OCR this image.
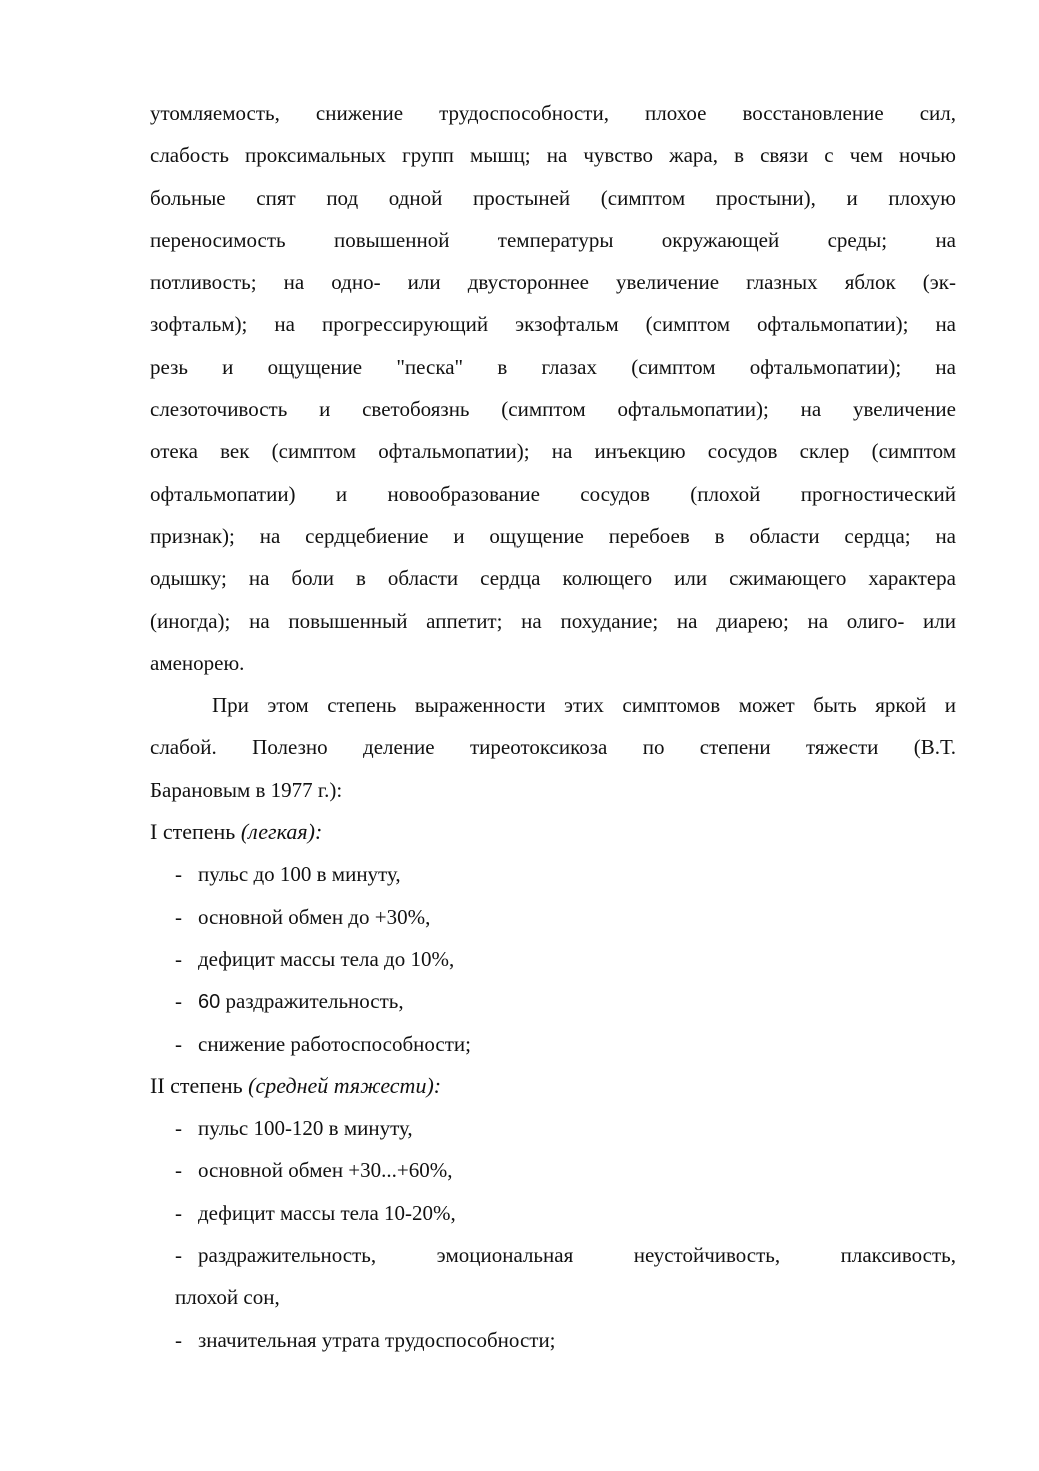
утомляемость, снижение трудоспособности, плохое восстановление сил,
слабость проксимальных групп мышц; на чувство жара, в связи с чем ночью
больные спят под одной простыней (симптом простыни), и плохую
переносимость повышенной температуры окружающей среды; на
потливость; на одно- или двустороннее увеличение глазных яблок (эк-
зофтальм); на прогрессирующий экзофтальм (симптом офтальмопатии); на
резь и ощущение "песка" в глазах (симптом офтальмопатии); на
слезоточивость и светобоязнь (симптом офтальмопатии); на увеличение
отека век (симптом офтальмопатии); на инъекцию сосудов склер (симптом
офтальмопатии) и новообразование сосудов (плохой прогностический
признак); на сердцебиение и ощущение перебоев в области сердца; на
одышку; на боли в области сердца колющего или сжимающего характера
(иногда); на повышенный аппетит; на похудание; на диарею; на олиго- или
аменорею.
При этом степень выраженности этих симптомов может быть яркой и
слабой. Полезно деление тиреотоксикоза по степени тяжести (В.Т.
Барановым в 1977 г.):
I степень (легкая):
- пульс до 100 в минуту,
- основной обмен до +30%,
- дефицит массы тела до 10%,
- 60 раздражительность,
- снижение работоспособности;
II степень (средней тяжести):
- пульс 100-120 в минуту,
- основной обмен +30...+60%,
- дефицит массы тела 10-20%,
- раздражительность, эмоциональная неустойчивость, плаксивость,
плохой сон,
- значительная утрата трудоспособности;
